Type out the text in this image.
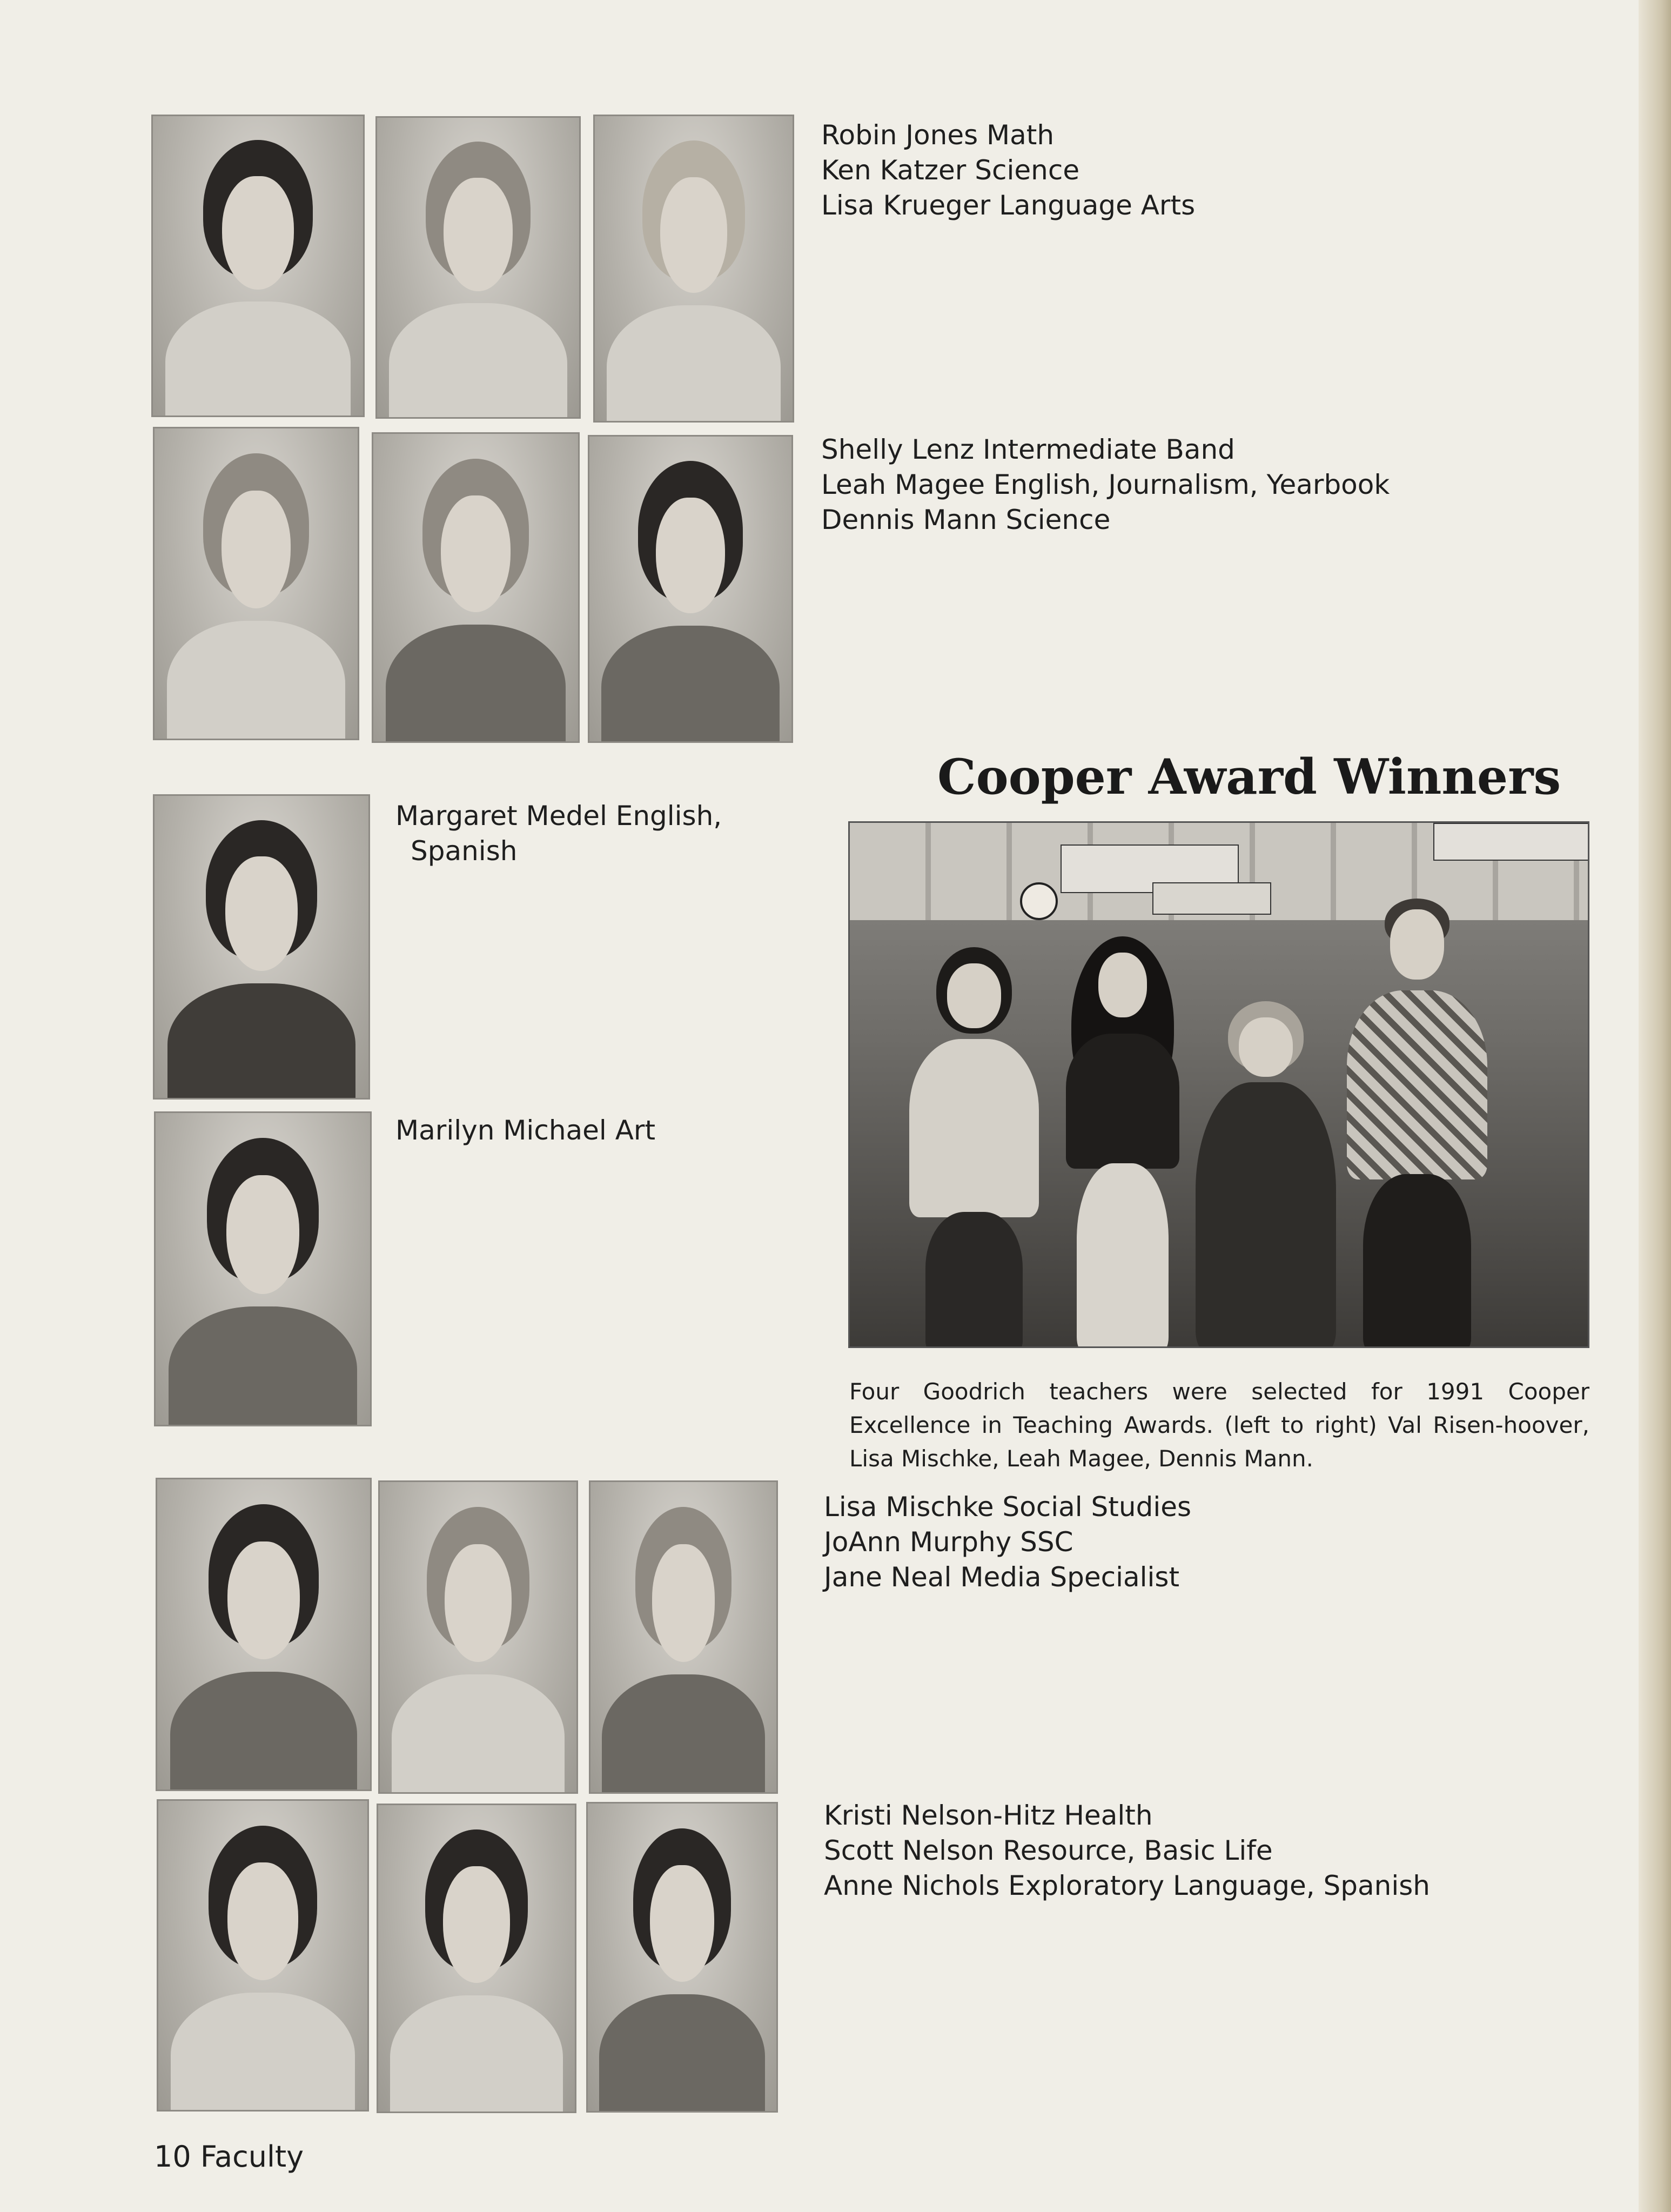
Robin Jones Math
Ken Katzer Science
Lisa Krueger Language Arts
Shelly Lenz Intermediate Band
Leah Magee English, Journalism, Yearbook
Dennis Mann Science
Margaret Medel English,
Spanish
Marilyn Michael Art
Cooper Award Winners

Four Goodrich teachers were selected for 1991 Cooper Excellence in Teaching Awards. (left to right) Val Risen-hoover, Lisa Mischke, Leah Magee, Dennis Mann.

Lisa Mischke Social Studies
JoAnn Murphy SSC
Jane Neal Media Specialist
Kristi Nelson-Hitz Health
Scott Nelson Resource, Basic Life
Anne Nichols Exploratory Language, Spanish

10 Faculty
